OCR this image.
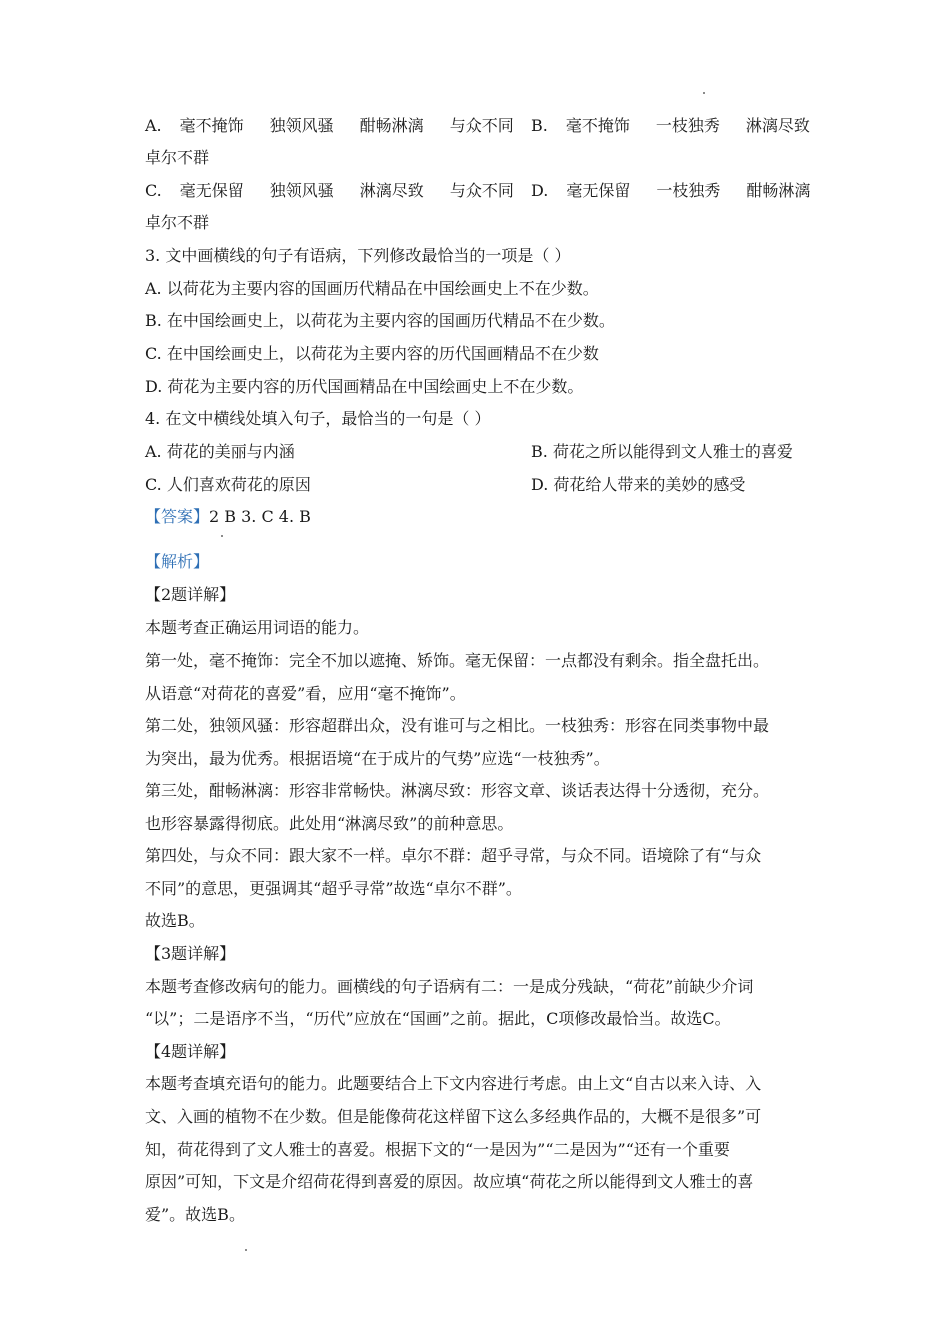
A. 毫不掩饰 独领风骚 酣畅淋漓 与众不同 B. 毫不掩饰 一枝独秀 淋漓尽致
卓尔不群
C. 毫无保留 独领风骚 淋漓尽致 与众不同 D. 毫无保留 一枝独秀 酣畅淋漓
卓尔不群
3. 文中画横线的句子有语病，下列修改最恰当的一项是（ ）
A. 以荷花为主要内容的国画历代精品在中国绘画史上不在少数。
B. 在中国绘画史上，以荷花为主要内容的国画历代精品不在少数。
C. 在中国绘画史上，以荷花为主要内容的历代国画精品不在少数
D. 荷花为主要内容的历代国画精品在中国绘画史上不在少数。
4. 在文中横线处填入句子，最恰当的一句是（ ）
A. 荷花的美丽与内涵	B. 荷花之所以能得到文人雅士的喜爱
C. 人们喜欢荷花的原因	D. 荷花给人带来的美妙的感受
【答案】2 B 3. C 4. B
【解析】
【2题详解】
本题考查正确运用词语的能力。
第一处，毫不掩饰：完全不加以遮掩、矫饰。毫无保留：一点都没有剩余。指全盘托出。
从语意“对荷花的喜爱”看，应用“毫不掩饰”。
第二处，独领风骚：形容超群出众，没有谁可与之相比。一枝独秀：形容在同类事物中最
为突出，最为优秀。根据语境“在于成片的气势”应选“一枝独秀”。
第三处，酣畅淋漓：形容非常畅快。淋漓尽致：形容文章、谈话表达得十分透彻，充分。
也形容暴露得彻底。此处用“淋漓尽致”的前种意思。
第四处，与众不同：跟大家不一样。卓尔不群：超乎寻常，与众不同。语境除了有“与众
不同”的意思，更强调其“超乎寻常”故选“卓尔不群”。
故选B。
【3题详解】
本题考查修改病句的能力。画横线的句子语病有二：一是成分残缺，“荷花”前缺少介词
“以”；二是语序不当，“历代”应放在“国画”之前。据此，C项修改最恰当。故选C。
【4题详解】
本题考查填充语句的能力。此题要结合上下文内容进行考虑。由上文“自古以来入诗、入
文、入画的植物不在少数。但是能像荷花这样留下这么多经典作品的，大概不是很多”可
知，荷花得到了文人雅士的喜爱。根据下文的“一是因为”“二是因为”“还有一个重要
原因”可知，下文是介绍荷花得到喜爱的原因。故应填“荷花之所以能得到文人雅士的喜
爱”。故选B。
